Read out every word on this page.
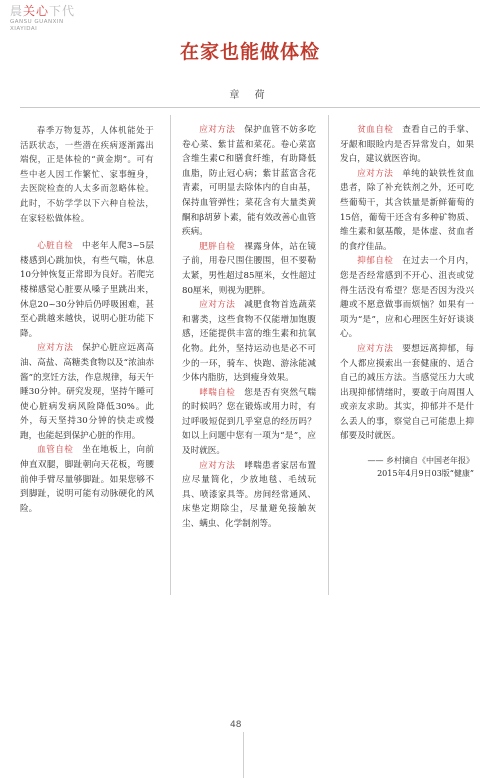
晨关心下代
GANSU GUANXIN
XIAYIDAI
在家也能做体检
章 荷

春季万物复苏，人体机能处于活跃状态，一些潜在疾病逐渐露出端倪，正是体检的“黄金期”。可有些中老人因工作繁忙、家事缠身，去医院检查的人太多而忽略体检。此时，不妨学学以下六种自检法，在家轻松做体检。

心脏自检　 中老年人爬3~5层楼感到心跳加快，有些气喘，休息10分钟恢复正常即为良好。若爬完楼梯感觉心脏要从嗓子里跳出来，休息20~30分钟后仍呼吸困难，甚至心跳越来越快，说明心脏功能下降。

应对方法　 保护心脏应远离高油、高盐、高糖类食物以及“浓油赤酱”的烹饪方法，作息规律，每天午睡30分钟。研究发现，坚持午睡可使心脏病发病风险降低30%。此外，每天坚持30分钟的快走或慢跑，也能起到保护心脏的作用。

血管自检　 坐在地板上，向前伸直双腿，脚趾朝向天花板，弯腰前伸手臂尽量够脚趾。如果您够不到脚趾，说明可能有动脉硬化的风险。

应对方法　 保护血管不妨多吃卷心菜、紫甘蓝和菜花。卷心菜富含维生素C和膳食纤维，有助降低血脂，防止冠心病；紫甘蓝富含花青素，可明显去除体内的自由基，保持血管弹性；菜花含有大量类黄酮和β胡萝卜素，能有效改善心血管疾病。

肥胖自检　 裸露身体，站在镜子前，用卷尺围住腰围，但不要勒太紧，男性超过85厘米，女性超过80厘米，则视为肥胖。

应对方法　 减肥食物首选蔬菜和薯类，这些食物不仅能增加饱腹感，还能提供丰富的维生素和抗氧化物。此外，坚持运动也是必不可少的一环，骑车、快跑、游泳能减少体内脂肪，达到瘦身效果。

哮喘自检　 您是否有突然气喘的时候吗？您在锻炼或用力时，有过呼吸短促到几乎窒息的经历吗？如以上问题中您有一项为“是”，应及时就医。

应对方法　 哮喘患者家居布置应尽量简化，少放地毯、毛绒玩具、喷漆家具等。房间经常通风、床垫定期除尘，尽量避免接触灰尘、螨虫、化学制剂等。

贫血自检　 查看自己的手掌、牙龈和眼睑内是否异常发白，如果发白，建议就医咨询。

应对方法　 单纯的缺铁性贫血患者，除了补充铁剂之外，还可吃些葡萄干，其含铁量是新鲜葡萄的15倍，葡萄干还含有多种矿物质、维生素和氨基酸，是体虚、贫血者的食疗佳品。

抑郁自检　 在过去一个月内，您是否经常感到不开心、沮丧或觉得生活没有希望？您是否因为没兴趣或不愿意做事而烦恼？如果有一项为“是”，应和心理医生好好谈谈心。

应对方法　 要想远离抑郁，每个人都应摸索出一套健康的、适合自己的减压方法。当感觉压力大或出现抑郁情绪时，要敢于向周围人或亲友求助。其实，抑郁并不是什么丢人的事，察觉自己可能患上抑郁要及时就医。

—— 乡村摘自《中国老年报》
2015年4月9日03版“健康”

48
